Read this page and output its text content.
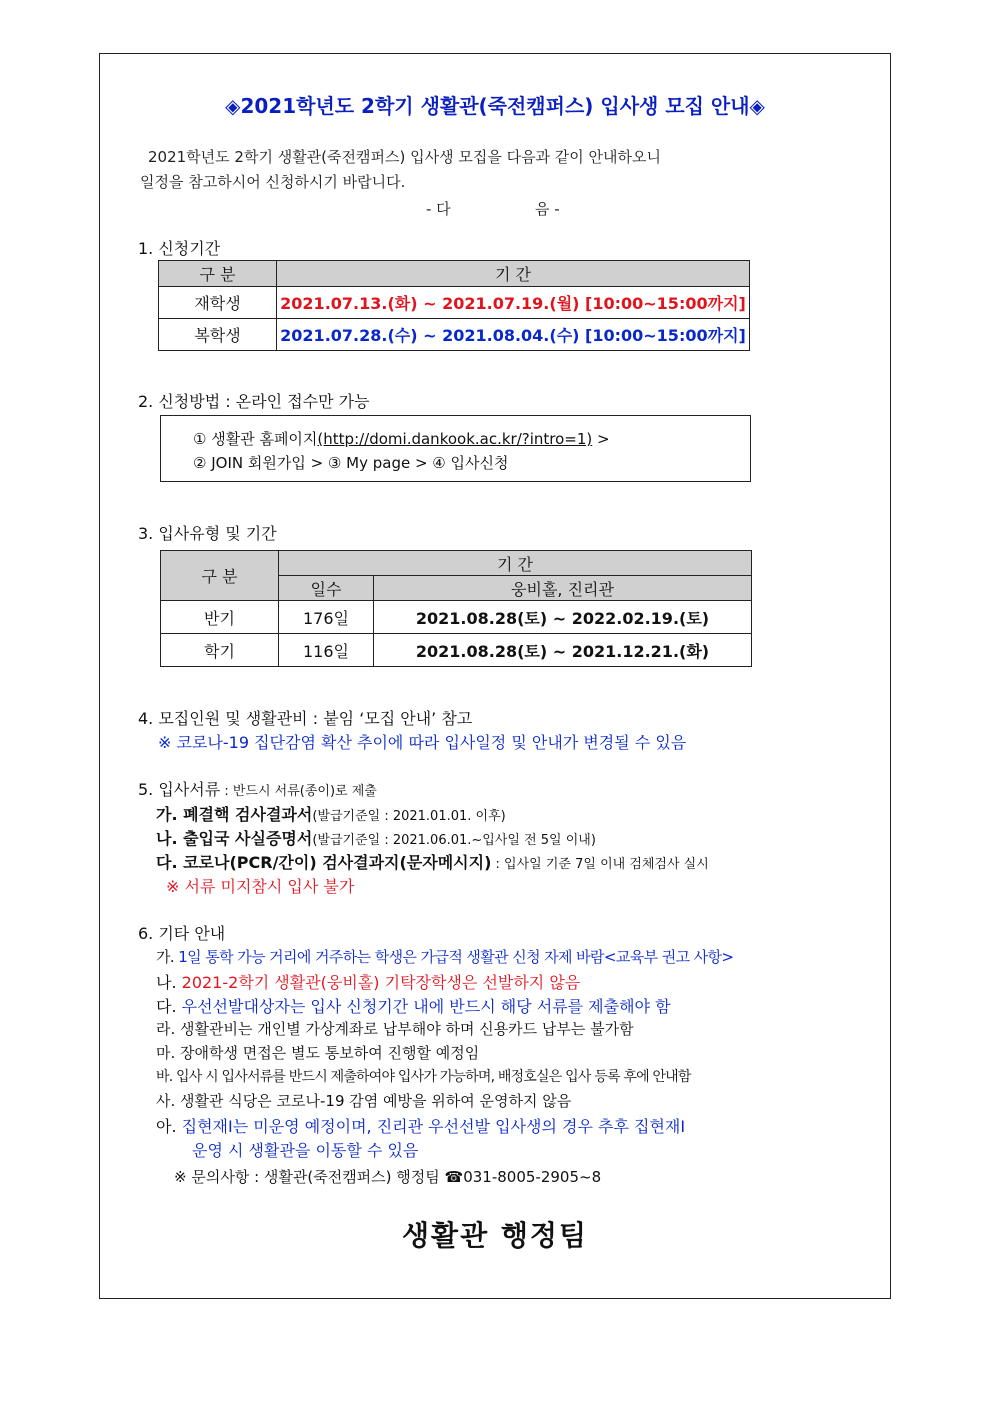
◈2021학년도 2학기 생활관(죽전캠퍼스) 입사생 모집 안내◈
2021학년도 2학기 생활관(죽전캠퍼스) 입사생 모집을 다음과 같이 안내하오니
일정을 참고하시어 신청하시기 바랍니다.
- 다	음 -
1. 신청기간
구 분	기 간
재학생	2021.07.13.(화) ~ 2021.07.19.(월) [10:00~15:00까지]
복학생	2021.07.28.(수) ~ 2021.08.04.(수) [10:00~15:00까지]
2. 신청방법 : 온라인 접수만 가능
① 생활관 홈페이지(http://domi.dankook.ac.kr/?intro=1) >
② JOIN 회원가입 > ③ My page > ④ 입사신청
3. 입사유형 및 기간
구 분	기 간	
	일수	웅비홀, 진리관
반기	176일	2021.08.28(토) ~ 2022.02.19.(토)
학기	116일	2021.08.28(토) ~ 2021.12.21.(화)
4. 모집인원 및 생활관비 : 붙임 ‘모집 안내’ 참고
※ 코로나-19 집단감염 확산 추이에 따라 입사일정 및 안내가 변경될 수 있음
5. 입사서류 : 반드시 서류(종이)로 제출
가. 폐결핵 검사결과서(발급기준일 : 2021.01.01. 이후)
나. 출입국 사실증명서(발급기준일 : 2021.06.01.~입사일 전 5일 이내)
다. 코로나(PCR/간이) 검사결과지(문자메시지) : 입사일 기준 7일 이내 검체검사 실시
※ 서류 미지참시 입사 불가
6. 기타 안내
가. 1일 통학 가능 거리에 거주하는 학생은 가급적 생활관 신청 자제 바람<교육부 권고 사항>
나. 2021-2학기 생활관(웅비홀) 기탁장학생은 선발하지 않음
다. 우선선발대상자는 입사 신청기간 내에 반드시 해당 서류를 제출해야 함
라. 생활관비는 개인별 가상계좌로 납부해야 하며 신용카드 납부는 불가함
마. 장애학생 면접은 별도 통보하여 진행할 예정임
바. 입사 시 입사서류를 반드시 제출하여야 입사가 가능하며, 배정호실은 입사 등록 후에 안내함
사. 생활관 식당은 코로나-19 감염 예방을 위하여 운영하지 않음
아. 집현재Ⅰ는 미운영 예정이며, 진리관 우선선발 입사생의 경우 추후 집현재Ⅰ
운영 시 생활관을 이동할 수 있음
※ 문의사항 : 생활관(죽전캠퍼스) 행정팀 ☎031-8005-2905~8
생활관 행정팀
